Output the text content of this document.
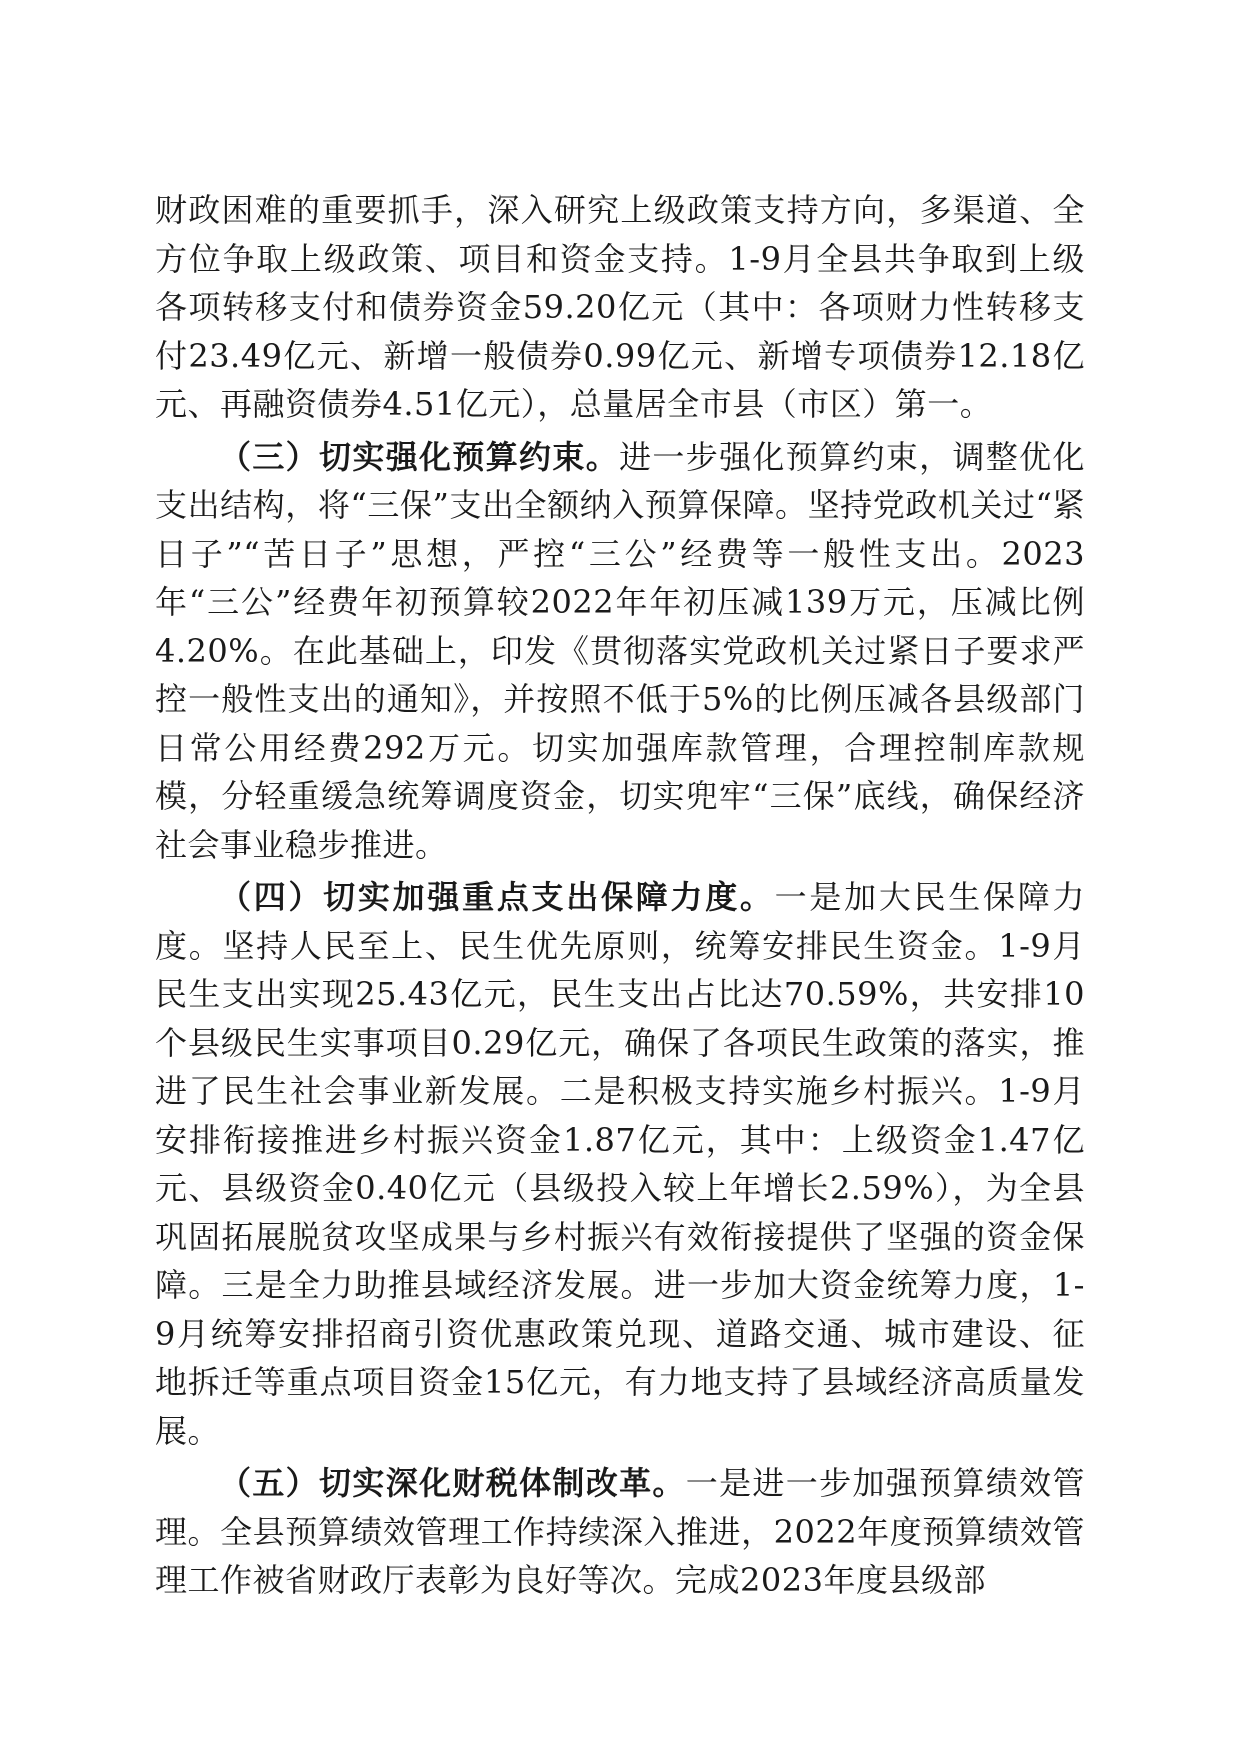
财政困难的重要抓手，深入研究上级政策支持方向，多渠道、全方位争取上级政策、项目和资金支持。1-9月全县共争取到上级各项转移支付和债券资金59.20亿元（其中：各项财力性转移支付23.49亿元、新增一般债券0.99亿元、新增专项债券12.18亿元、再融资债券4.51亿元），总量居全市县（市区）第一。

（三）切实强化预算约束。进一步强化预算约束，调整优化支出结构，将“三保”支出全额纳入预算保障。坚持党政机关过“紧日子”“苦日子”思想，严控“三公”经费等一般性支出。2023年“三公”经费年初预算较2022年年初压减139万元，压减比例4.20%。在此基础上，印发《贯彻落实党政机关过紧日子要求严控一般性支出的通知》，并按照不低于5%的比例压减各县级部门日常公用经费292万元。切实加强库款管理，合理控制库款规模，分轻重缓急统筹调度资金，切实兜牢“三保”底线，确保经济社会事业稳步推进。

（四）切实加强重点支出保障力度。一是加大民生保障力度。坚持人民至上、民生优先原则，统筹安排民生资金。1-9月民生支出实现25.43亿元，民生支出占比达70.59%，共安排10个县级民生实事项目0.29亿元，确保了各项民生政策的落实，推进了民生社会事业新发展。二是积极支持实施乡村振兴。1-9月安排衔接推进乡村振兴资金1.87亿元，其中：上级资金1.47亿元、县级资金0.40亿元（县级投入较上年增长2.59%），为全县巩固拓展脱贫攻坚成果与乡村振兴有效衔接提供了坚强的资金保障。三是全力助推县域经济发展。进一步加大资金统筹力度，1-9月统筹安排招商引资优惠政策兑现、道路交通、城市建设、征地拆迁等重点项目资金15亿元，有力地支持了县域经济高质量发展。

（五）切实深化财税体制改革。一是进一步加强预算绩效管理。全县预算绩效管理工作持续深入推进，2022年度预算绩效管理工作被省财政厅表彰为良好等次。完成2023年度县级部
